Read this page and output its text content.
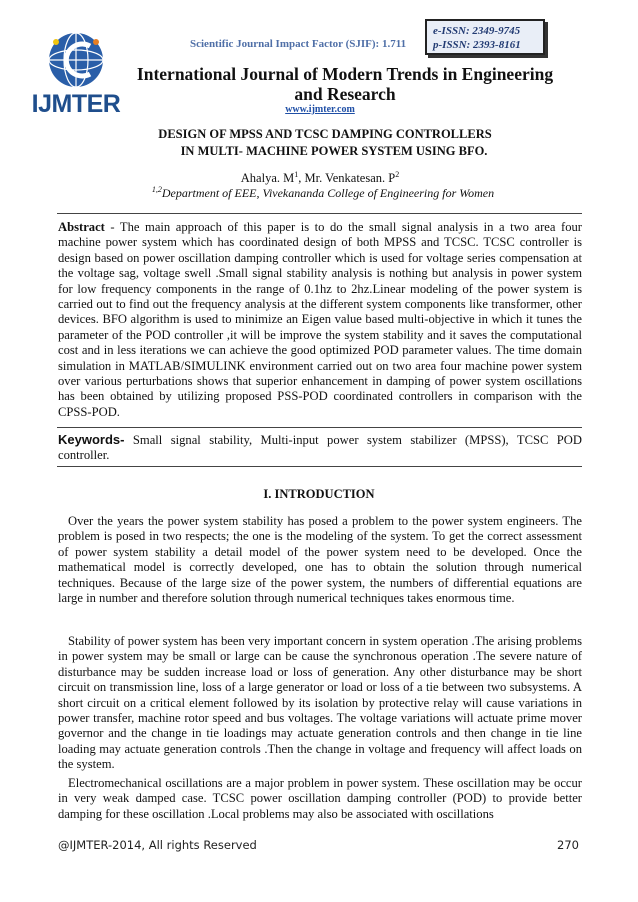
IJMTER
Scientific Journal Impact Factor (SJIF): 1.711
e-ISSN: 2349-9745
p-ISSN: 2393-8161
International Journal of Modern Trends in Engineering
and Research
www.ijmter.com
DESIGN OF MPSS AND TCSC DAMPING CONTROLLERS
IN MULTI- MACHINE POWER SYSTEM USING BFO.
Ahalya. $M^1$, Mr. Venkatesan. $P^2$
$^{1,2}$Department of EEE, Vivekananda College of Engineering for Women
Abstract - The main approach of this paper is to do the small signal analysis in a two area four machine power system which has coordinated design of both MPSS and TCSC. TCSC controller is design based on power oscillation damping controller which is used for voltage series compensation at the voltage sag, voltage swell .Small signal stability analysis is nothing but analysis in power system for low frequency components in the range of 0.1hz to 2hz.Linear modeling of the power system is carried out to find out the frequency analysis at the different system components like transformer, other devices. BFO algorithm is used to minimize an Eigen value based multi-objective in which it tunes the parameter of the POD controller ,it will be improve the system stability and it saves the computational cost and in less iterations we can achieve the good optimized POD parameter values. The time domain simulation in MATLAB/SIMULINK environment carried out on two area four machine power system over various perturbations shows that superior enhancement in damping of power system oscillations has been obtained by utilizing proposed PSS-POD coordinated controllers in comparison with the CPSS-POD.
Keywords- Small signal stability, Multi-input power system stabilizer (MPSS), TCSC POD controller.
I. INTRODUCTION
Over the years the power system stability has posed a problem to the power system engineers. The problem is posed in two respects; the one is the modeling of the system. To get the correct assessment of power system stability a detail model of the power system need to be developed. Once the mathematical model is correctly developed, one has to obtain the solution through numerical techniques. Because of the large size of the power system, the numbers of differential equations are large in number and therefore solution through numerical techniques takes enormous time.
Stability of power system has been very important concern in system operation .The arising problems in power system may be small or large can be cause the synchronous operation .The severe nature of disturbance may be sudden increase load or loss of generation. Any other disturbance may be short circuit on transmission line, loss of a large generator or load or loss of a tie between two subsystems. A short circuit on a critical element followed by its isolation by protective relay will cause variations in power transfer, machine rotor speed and bus voltages. The voltage variations will actuate prime mover governor and the change in tie loadings may actuate generation controls and then change in tie line loading may actuate generation controls .Then the change in voltage and frequency will affect loads on the system.
Electromechanical oscillations are a major problem in power system. These oscillation may be occur in very weak damped case. TCSC power oscillation damping controller (POD) to provide better damping for these oscillation .Local problems may also be associated with oscillations
@IJMTER-2014, All rights Reserved	270
